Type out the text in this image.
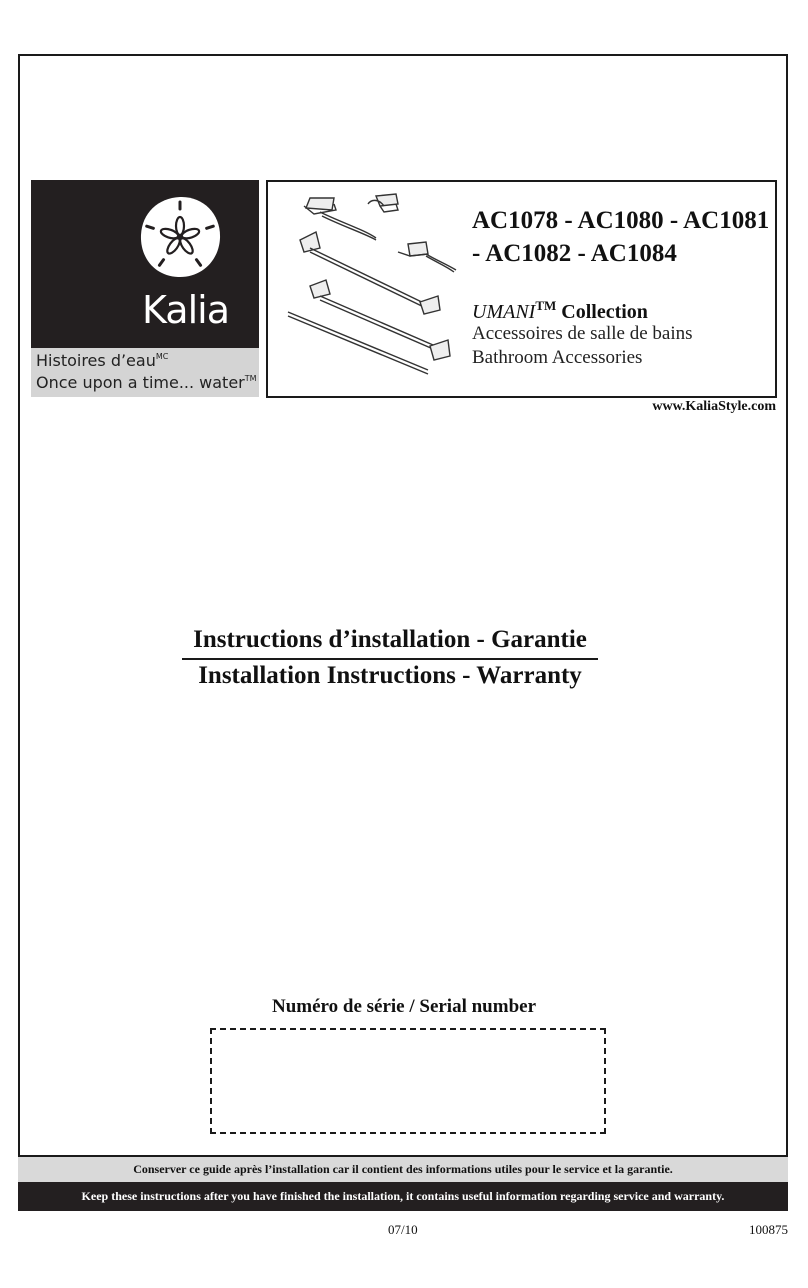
Kalia
Histoires d’eau$^{MC}$
Once upon a time... water™
AC1078 - AC1080 - AC1081 - AC1082 - AC1084
UMANI™ Collection
Accessoires de salle de bains
Bathroom Accessories
www.KaliaStyle.com
Instructions d’installation - Garantie
Installation Instructions - Warranty
Numéro de série / Serial number
Conserver ce guide après l’installation car il contient des informations utiles pour le service et la garantie.
Keep these instructions after you have finished the installation, it contains useful information regarding service and warranty.
07/10	100875
